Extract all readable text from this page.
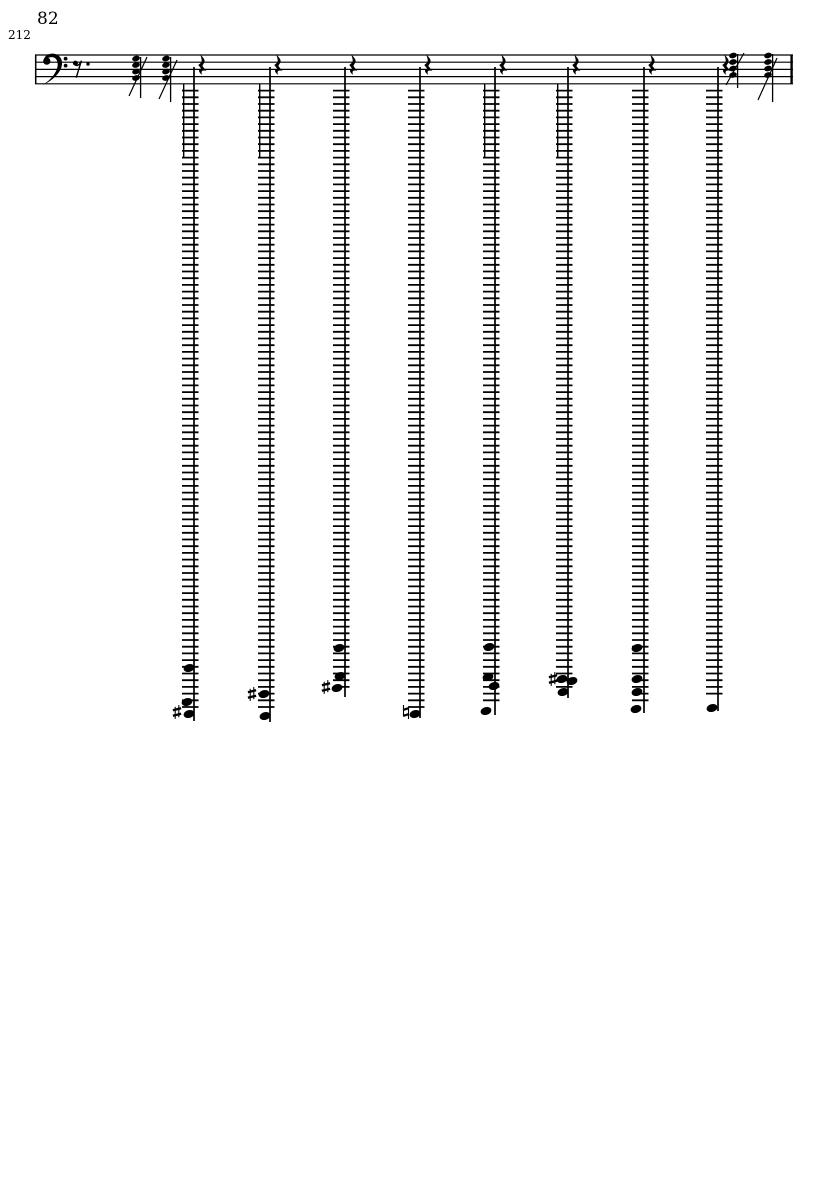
82
212
